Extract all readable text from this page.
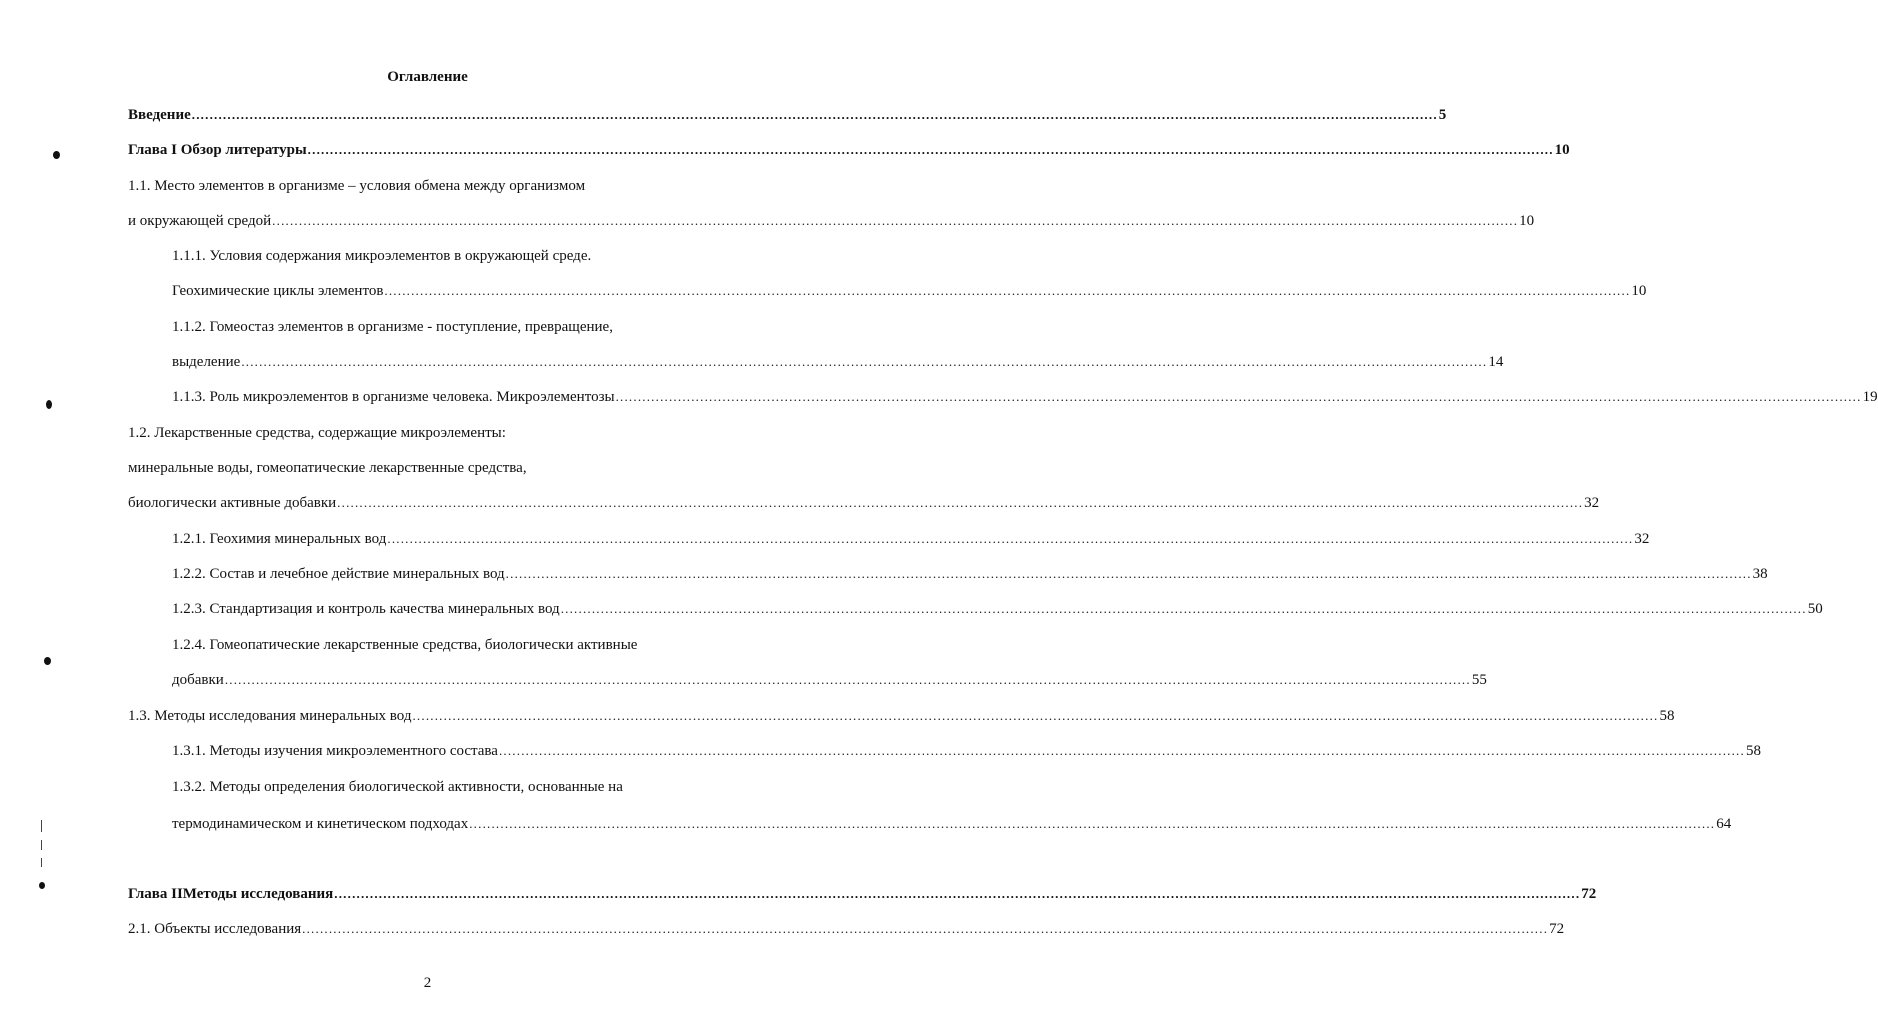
Оглавление
Введение ........................................................................................................................................................................................................................................................................................ 5
Глава I Обзор литературы ........................................................................................................................................................................................................................................................................................ 10
1.1. Место элементов в организме – условия обмена между организмом
и окружающей средой ........................................................................................................................................................................................................................................................................................ 10
1.1.1. Условия содержания микроэлементов в окружающей среде.
Геохимические циклы элементов ........................................................................................................................................................................................................................................................................................ 10
1.1.2. Гомеостаз элементов в организме - поступление, превращение,
выделение ........................................................................................................................................................................................................................................................................................ 14
1.1.3. Роль микроэлементов в организме человека. Микроэлементозы ........................................................................................................................................................................................................................................................................................ 19
1.2. Лекарственные средства, содержащие микроэлементы:
минеральные воды, гомеопатические лекарственные средства,
биологически активные добавки ........................................................................................................................................................................................................................................................................................ 32
1.2.1. Геохимия минеральных вод ........................................................................................................................................................................................................................................................................................ 32
1.2.2. Состав и лечебное действие минеральных вод ........................................................................................................................................................................................................................................................................................ 38
1.2.3. Стандартизация и контроль качества минеральных вод ........................................................................................................................................................................................................................................................................................ 50
1.2.4. Гомеопатические лекарственные средства, биологически активные
добавки ........................................................................................................................................................................................................................................................................................ 55
1.3. Методы исследования минеральных вод ........................................................................................................................................................................................................................................................................................ 58
1.3.1. Методы изучения микроэлементного состава ........................................................................................................................................................................................................................................................................................ 58
1.3.2. Методы определения биологической активности, основанные на
термодинамическом и кинетическом подходах ........................................................................................................................................................................................................................................................................................ 64
Глава II Методы исследования ........................................................................................................................................................................................................................................................................................ 72
2.1. Объекты исследования ........................................................................................................................................................................................................................................................................................ 72
2
